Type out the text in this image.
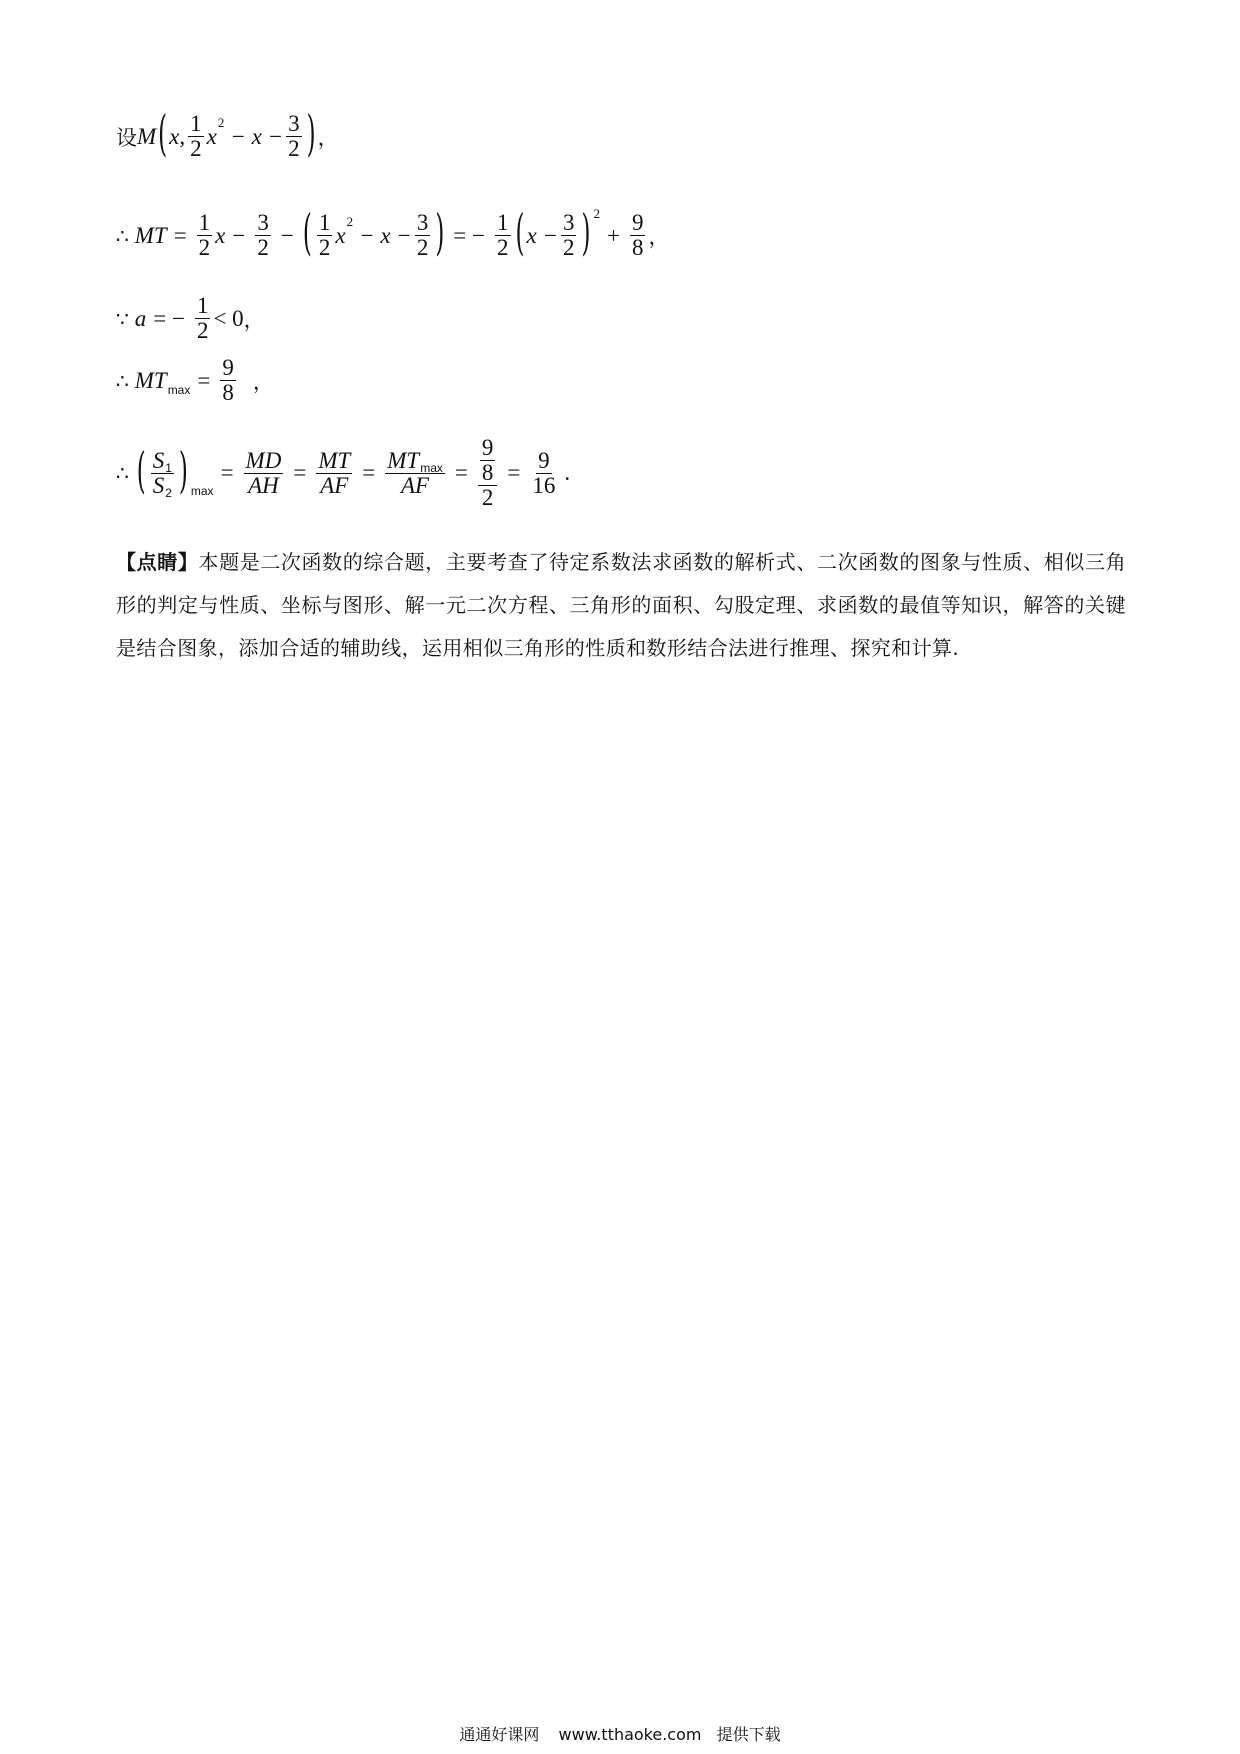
设 M ( x, $\frac{1}{2}$ x
2
− $x - \frac{3}{2}$ ) ，
∴ MT = $\frac{1}{2}$ $x - \frac{3}{2}$ − ( $\frac{1}{2}$ x
2
− $x - \frac{3}{2}$ ) = − $\frac{1}{2}$ ( $x - \frac{3}{2}$ ) 2
+ $\frac{9}{8}$ ，
∵ a = − $\frac{1}{2} < 0$ ，
∴ MT $\max = \frac{9}{8}$ ，
∴ ( $\frac{S1}{S2}$ ) max
= $\frac{MD}{AH} = \frac{MT}{AF} = \frac{MTmax}{AF} = \frac{\frac{9}{8}}{2} = \frac{9}{16}$ .
【点睛】本题是二次函数的综合题，主要考查了待定系数法求函数的解析式、二次函数的图象与性质、相似三角形的判定与性质、坐标与图形、解一元二次方程、三角形的面积、勾股定理、求函数的最值等知识，解答的关键是结合图象，添加合适的辅助线，运用相似三角形的性质和数形结合法进行推理、探究和计算.
通通好课网 www.tthaoke.com 提供下载
